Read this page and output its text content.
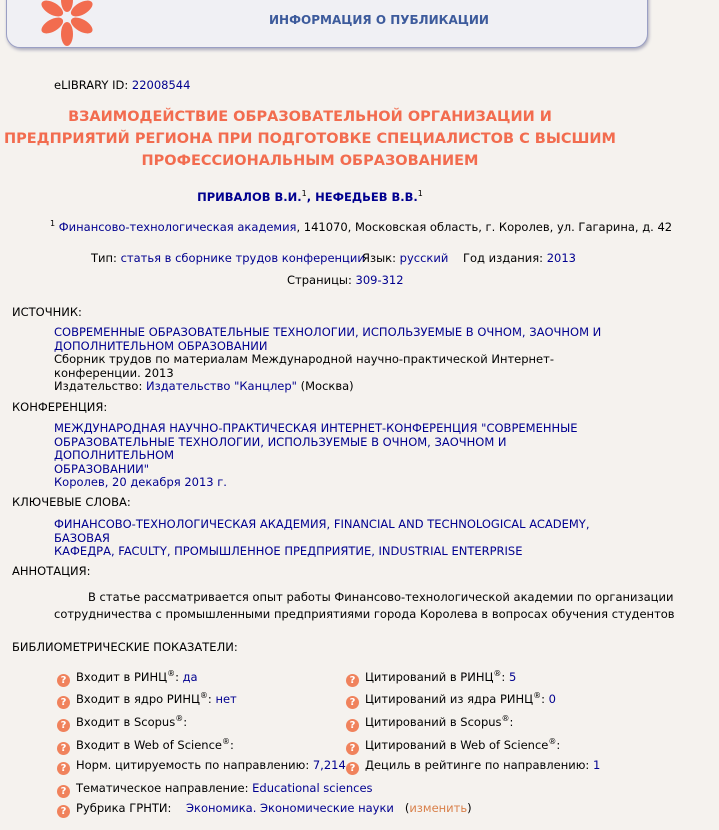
ИНФОРМАЦИЯ О ПУБЛИКАЦИИ
eLIBRARY ID: 22008544
ВЗАИМОДЕЙСТВИЕ ОБРАЗОВАТЕЛЬНОЙ ОРГАНИЗАЦИИ И
ПРЕДПРИЯТИЙ РЕГИОНА ПРИ ПОДГОТОВКЕ СПЕЦИАЛИСТОВ С ВЫСШИМ
ПРОФЕССИОНАЛЬНЫМ ОБРАЗОВАНИЕМ
ПРИВАЛОВ В.И.$^1$, НЕФЕДЬЕВ В.В.$^1$
$^1$ Финансово-технологическая академия, 141070, Московская область, г. Королев, ул. Гагарина, д. 42
Тип: статья в сборнике трудов конференции
Язык: русский Год издания: 2013
Страницы: 309-312
ИСТОЧНИК:
СОВРЕМЕННЫЕ ОБРАЗОВАТЕЛЬНЫЕ ТЕХНОЛОГИИ, ИСПОЛЬЗУЕМЫЕ В ОЧНОМ, ЗАОЧНОМ И
ДОПОЛНИТЕЛЬНОМ ОБРАЗОВАНИИ
Сборник трудов по материалам Международной научно-практической Интернет-конференции. 2013
Издательство: Издательство "Канцлер" (Москва)
КОНФЕРЕНЦИЯ:
МЕЖДУНАРОДНАЯ НАУЧНО-ПРАКТИЧЕСКАЯ ИНТЕРНЕТ-КОНФЕРЕНЦИЯ "СОВРЕМЕННЫЕ
ОБРАЗОВАТЕЛЬНЫЕ ТЕХНОЛОГИИ, ИСПОЛЬЗУЕМЫЕ В ОЧНОМ, ЗАОЧНОМ И ДОПОЛНИТЕЛЬНОМ
ОБРАЗОВАНИИ"
Королев, 20 декабря 2013 г.
КЛЮЧЕВЫЕ СЛОВА:
ФИНАНСОВО-ТЕХНОЛОГИЧЕСКАЯ АКАДЕМИЯ, FINANCIAL AND TECHNOLOGICAL ACADEMY, БАЗОВАЯ
КАФЕДРА, FACULTY, ПРОМЫШЛЕННОЕ ПРЕДПРИЯТИЕ, INDUSTRIAL ENTERPRISE
АННОТАЦИЯ:
В статье рассматривается опыт работы Финансово-технологической академии по организации
сотрудничества с промышленными предприятиями города Королева в вопросах обучения студентов
БИБЛИОМЕТРИЧЕСКИЕ ПОКАЗАТЕЛИ:
? Входит в РИНЦ®: да
? Входит в ядро РИНЦ®: нет
? Входит в Scopus®:
? Входит в Web of Science®:
? Норм. цитируемость по направлению: 7,214
? Цитирований в РИНЦ®: 5
? Цитирований из ядра РИНЦ®: 0
? Цитирований в Scopus®:
? Цитирований в Web of Science®:
? Дециль в рейтинге по направлению: 1
? Тематическое направление: Educational sciences
? Рубрика ГРНТИ: Экономика. Экономические науки   (изменить)
